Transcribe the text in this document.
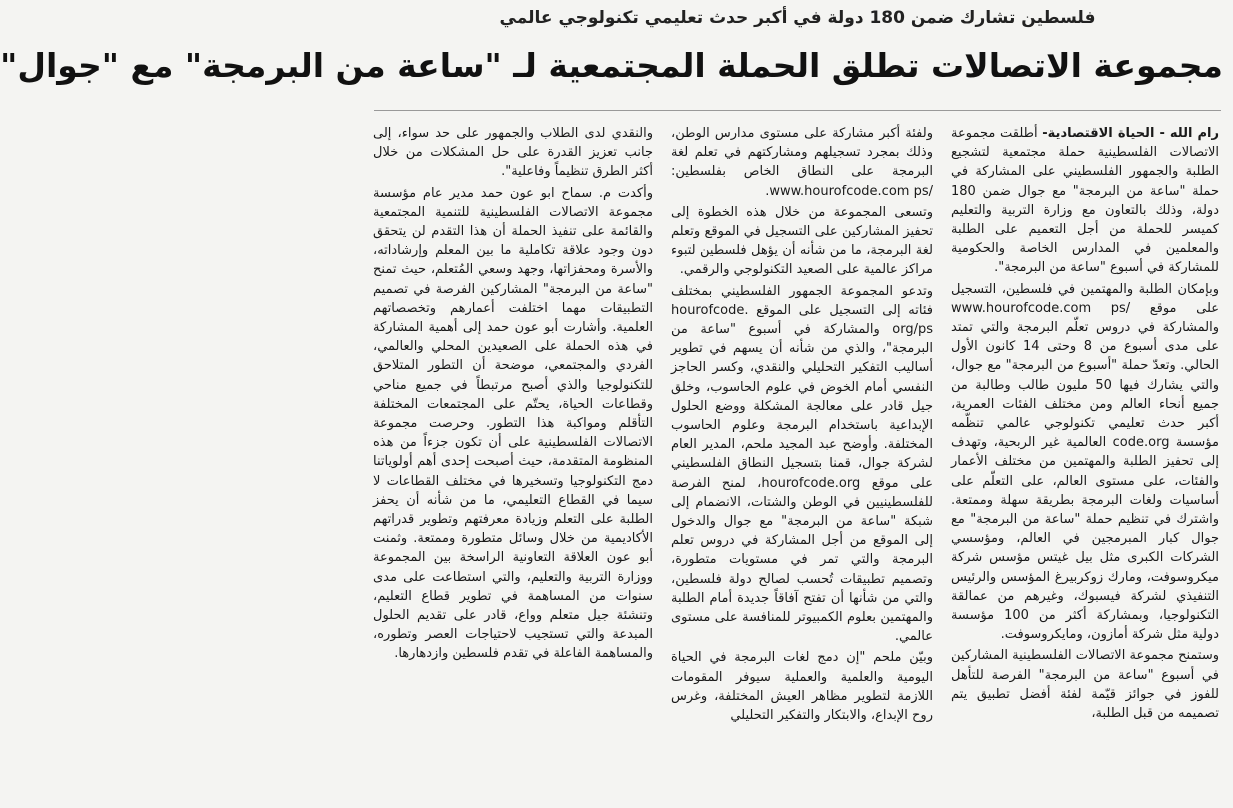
فلسطين تشارك ضمن 180 دولة في أكبر حدث تعليمي تكنولوجي عالمي
مجموعة الاتصالات تطلق الحملة المجتمعية لـ "ساعة من البرمجة" مع "جوال"

رام الله - الحياة الاقتصادية- أطلقت مجموعة الاتصالات الفلسطينية حملة مجتمعية لتشجيع الطلبة والجمهور الفلسطيني على المشاركة في حملة "ساعة من البرمجة" مع جوال ضمن 180 دولة، وذلك بالتعاون مع وزارة التربية والتعليم كميسر للحملة من أجل التعميم على الطلبة والمعلمين في المدارس الخاصة والحكومية للمشاركة في أسبوع "ساعة من البرمجة".

وبإمكان الطلبة والمهتمين في فلسطين، التسجيل على موقع /www.hourofcode.com ps والمشاركة في دروس تعلّم البرمجة والتي تمتد على مدى أسبوع من 8 وحتى 14 كانون الأول الحالي. وتعدّ حملة "أسبوع من البرمجة" مع جوال، والتي يشارك فيها 50 مليون طالب وطالبة من جميع أنحاء العالم ومن مختلف الفئات العمرية، أكبر حدث تعليمي تكنولوجي عالمي تنظّمه مؤسسة code.org العالمية غير الربحية، وتهدف إلى تحفيز الطلبة والمهتمين من مختلف الأعمار والفئات، على مستوى العالم، على التعلّم على أساسيات ولغات البرمجة بطريقة سهلة وممتعة. واشترك في تنظيم حملة "ساعة من البرمجة" مع جوال كبار المبرمجين في العالم، ومؤسسي الشركات الكبرى مثل بيل غيتس مؤسس شركة ميكروسوفت، ومارك زوكربيرغ المؤسس والرئيس التنفيذي لشركة فيسبوك، وغيرهم من عمالقة التكنولوجيا، وبمشاركة أكثر من 100 مؤسسة دولية مثل شركة أمازون، ومايكروسوفت.

وستمنح مجموعة الاتصالات الفلسطينية المشاركين في أسبوع "ساعة من البرمجة" الفرصة للتأهل للفوز في جوائز قيّمة لفئة أفضل تطبيق يتم تصميمه من قبل الطلبة،

ولفئة أكبر مشاركة على مستوى مدارس الوطن، وذلك بمجرد تسجيلهم ومشاركتهم في تعلم لغة البرمجة على النطاق الخاص بفلسطين: /www.hourofcode.com ps.

وتسعى المجموعة من خلال هذه الخطوة إلى تحفيز المشاركين على التسجيل في الموقع وتعلم لغة البرمجة، ما من شأنه أن يؤهل فلسطين لتبوء مراكز عالمية على الصعيد التكنولوجي والرقمي.

وتدعو المجموعة الجمهور الفلسطيني بمختلف فئاته إلى التسجيل على الموقع hourofcode. org/ps والمشاركة في أسبوع "ساعة من البرمجة"، والذي من شأنه أن يسهم في تطوير أساليب التفكير التحليلي والنقدي، وكسر الحاجز النفسي أمام الخوض في علوم الحاسوب، وخلق جيل قادر على معالجة المشكلة ووضع الحلول الإبداعية باستخدام البرمجة وعلوم الحاسوب المختلفة. وأوضح عبد المجيد ملحم، المدير العام لشركة جوال، قمنا بتسجيل النطاق الفلسطيني على موقع hourofcode.org، لمنح الفرصة للفلسطينيين في الوطن والشتات، الانضمام إلى شبكة "ساعة من البرمجة" مع جوال والدخول إلى الموقع من أجل المشاركة في دروس تعلم البرمجة والتي تمر في مستويات متطورة، وتصميم تطبيقات تُحسب لصالح دولة فلسطين، والتي من شأنها أن تفتح آفاقاً جديدة أمام الطلبة والمهتمين بعلوم الكمبيوتر للمنافسة على مستوى عالمي.

وبيّن ملحم "إن دمج لغات البرمجة في الحياة اليومية والعلمية والعملية سيوفر المقومات اللازمة لتطوير مظاهر العيش المختلفة، وغرس روح الإبداع، والابتكار والتفكير التحليلي

والنقدي لدى الطلاب والجمهور على حد سواء، إلى جانب تعزيز القدرة على حل المشكلات من خلال أكثر الطرق تنظيماً وفاعلية".

وأكدت م. سماح ابو عون حمد مدير عام مؤسسة مجموعة الاتصالات الفلسطينية للتنمية المجتمعية والقائمة على تنفيذ الحملة أن هذا التقدم لن يتحقق دون وجود علاقة تكاملية ما بين المعلم وإرشاداته، والأسرة ومحفزاتها، وجهد وسعي المُتعلم، حيث تمنح "ساعة من البرمجة" المشاركين الفرصة في تصميم التطبيقات مهما اختلفت أعمارهم وتخصصاتهم العلمية. وأشارت أبو عون حمد إلى أهمية المشاركة في هذه الحملة على الصعيدين المحلي والعالمي، الفردي والمجتمعي، موضحة أن التطور المتلاحق للتكنولوجيا والذي أصبح مرتبطاً في جميع مناحي وقطاعات الحياة، يحتّم على المجتمعات المختلفة التأقلم ومواكبة هذا التطور. وحرصت مجموعة الاتصالات الفلسطينية على أن تكون جزءاً من هذه المنظومة المتقدمة، حيث أصبحت إحدى أهم أولوياتنا دمج التكنولوجيا وتسخيرها في مختلف القطاعات لا سيما في القطاع التعليمي، ما من شأنه أن يحفز الطلبة على التعلم وزيادة معرفتهم وتطوير قدراتهم الأكاديمية من خلال وسائل متطورة وممتعة. وثمنت أبو عون العلاقة التعاونية الراسخة بين المجموعة ووزارة التربية والتعليم، والتي استطاعت على مدى سنوات من المساهمة في تطوير قطاع التعليم، وتنشئة جيل متعلم وواع، قادر على تقديم الحلول المبدعة والتي تستجيب لاحتياجات العصر وتطوره، والمساهمة الفاعلة في تقدم فلسطين وازدهارها.
